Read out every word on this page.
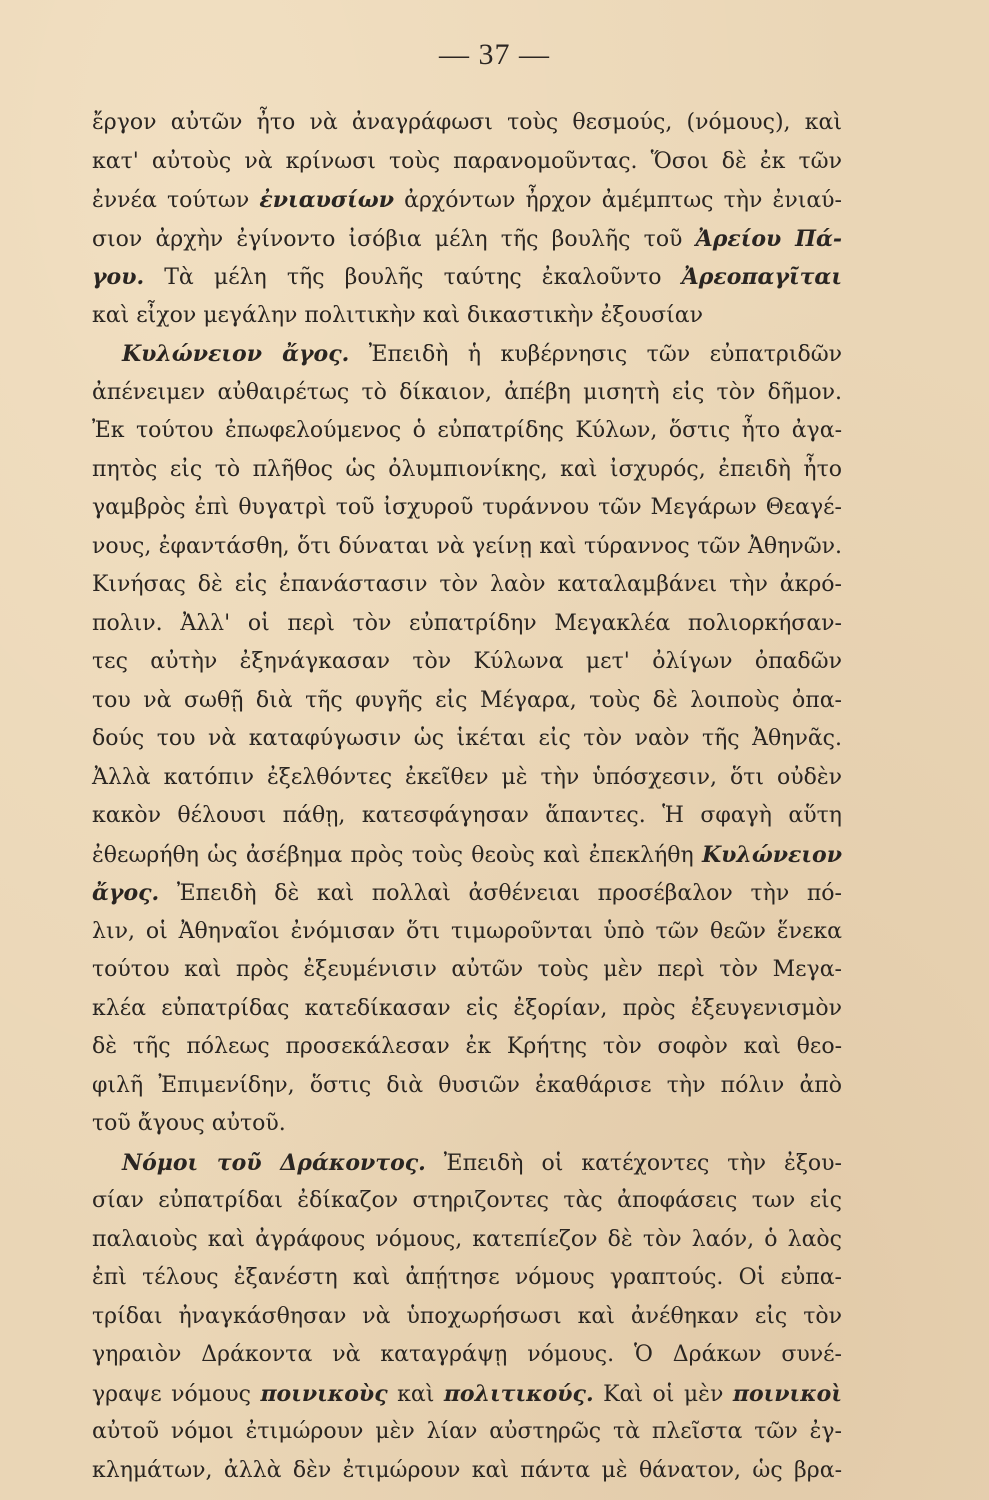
— 37 —
ἔργον αὐτῶν ἦτο νὰ ἀναγράφωσι τοὺς θεσμούς, (νόμους), καὶ
κατ' αὐτοὺς νὰ κρίνωσι τοὺς παρανομοῦντας. Ὅσοι δὲ ἐκ τῶν
ἐννέα τούτων ἐνιαυσίων ἀρχόντων ἦρχον ἀμέμπτως τὴν ἐνιαύ-
σιον ἀρχὴν ἐγίνοντο ἰσόβια μέλη τῆς βουλῆς τοῦ Ἀρείου Πά-
γου. Τὰ μέλη τῆς βουλῆς ταύτης ἐκαλοῦντο Ἀρεοπαγῖται
καὶ εἶχον μεγάλην πολιτικὴν καὶ δικαστικὴν ἐξουσίαν
Κυλώνειον ἄγος. Ἐπειδὴ ἡ κυβέρνησις τῶν εὐπατριδῶν
ἀπένειμεν αὐθαιρέτως τὸ δίκαιον, ἀπέβη μισητὴ εἰς τὸν δῆμον.
Ἐκ τούτου ἐπωφελούμενος ὁ εὐπατρίδης Κύλων, ὅστις ἦτο ἀγα-
πητὸς εἰς τὸ πλῆθος ὡς ὀλυμπιονίκης, καὶ ἰσχυρός, ἐπειδὴ ἦτο
γαμβρὸς ἐπὶ θυγατρὶ τοῦ ἰσχυροῦ τυράννου τῶν Μεγάρων Θεαγέ-
νους, ἐφαντάσθη, ὅτι δύναται νὰ γείνῃ καὶ τύραννος τῶν Ἀθηνῶν.
Κινήσας δὲ εἰς ἐπανάστασιν τὸν λαὸν καταλαμβάνει τὴν ἀκρό-
πολιν. Ἀλλ' οἱ περὶ τὸν εὐπατρίδην Μεγακλέα πολιορκήσαν-
τες αὐτὴν ἐξηνάγκασαν τὸν Κύλωνα μετ' ὀλίγων ὀπαδῶν
του νὰ σωθῇ διὰ τῆς φυγῆς εἰς Μέγαρα, τοὺς δὲ λοιποὺς ὀπα-
δούς του νὰ καταφύγωσιν ὡς ἱκέται εἰς τὸν ναὸν τῆς Ἀθηνᾶς.
Ἀλλὰ κατόπιν ἐξελθόντες ἐκεῖθεν μὲ τὴν ὑπόσχεσιν, ὅτι οὐδὲν
κακὸν θέλουσι πάθῃ, κατεσφάγησαν ἅπαντες. Ἡ σφαγὴ αὕτη
ἐθεωρήθη ὡς ἀσέβημα πρὸς τοὺς θεοὺς καὶ ἐπεκλήθη Κυλώνειον
ἄγος. Ἐπειδὴ δὲ καὶ πολλαὶ ἀσθένειαι προσέβαλον τὴν πό-
λιν, οἱ Ἀθηναῖοι ἐνόμισαν ὅτι τιμωροῦνται ὑπὸ τῶν θεῶν ἕνεκα
τούτου καὶ πρὸς ἐξευμένισιν αὐτῶν τοὺς μὲν περὶ τὸν Μεγα-
κλέα εὐπατρίδας κατεδίκασαν εἰς ἐξορίαν, πρὸς ἐξευγενισμὸν
δὲ τῆς πόλεως προσεκάλεσαν ἐκ Κρήτης τὸν σοφὸν καὶ θεο-
φιλῆ Ἐπιμενίδην, ὅστις διὰ θυσιῶν ἐκαθάρισε τὴν πόλιν ἀπὸ
τοῦ ἄγους αὐτοῦ.
Νόμοι τοῦ Δράκοντος. Ἐπειδὴ οἱ κατέχοντες τὴν ἐξου-
σίαν εὐπατρίδαι ἐδίκαζον στηριζοντες τὰς ἀποφάσεις των εἰς
παλαιοὺς καὶ ἀγράφους νόμους, κατεπίεζον δὲ τὸν λαόν, ὁ λαὸς
ἐπὶ τέλους ἐξανέστη καὶ ἀπῄτησε νόμους γραπτούς. Οἱ εὐπα-
τρίδαι ἠναγκάσθησαν νὰ ὑποχωρήσωσι καὶ ἀνέθηκαν εἰς τὸν
γηραιὸν Δράκοντα νὰ καταγράψῃ νόμους. Ὁ Δράκων συνέ-
γραψε νόμους ποινικοὺς καὶ πολιτικούς. Καὶ οἱ μὲν ποινικοὶ
αὐτοῦ νόμοι ἐτιμώρουν μὲν λίαν αὐστηρῶς τὰ πλεῖστα τῶν ἐγ-
κλημάτων, ἀλλὰ δὲν ἐτιμώρουν καὶ πάντα μὲ θάνατον, ὡς βρα-
